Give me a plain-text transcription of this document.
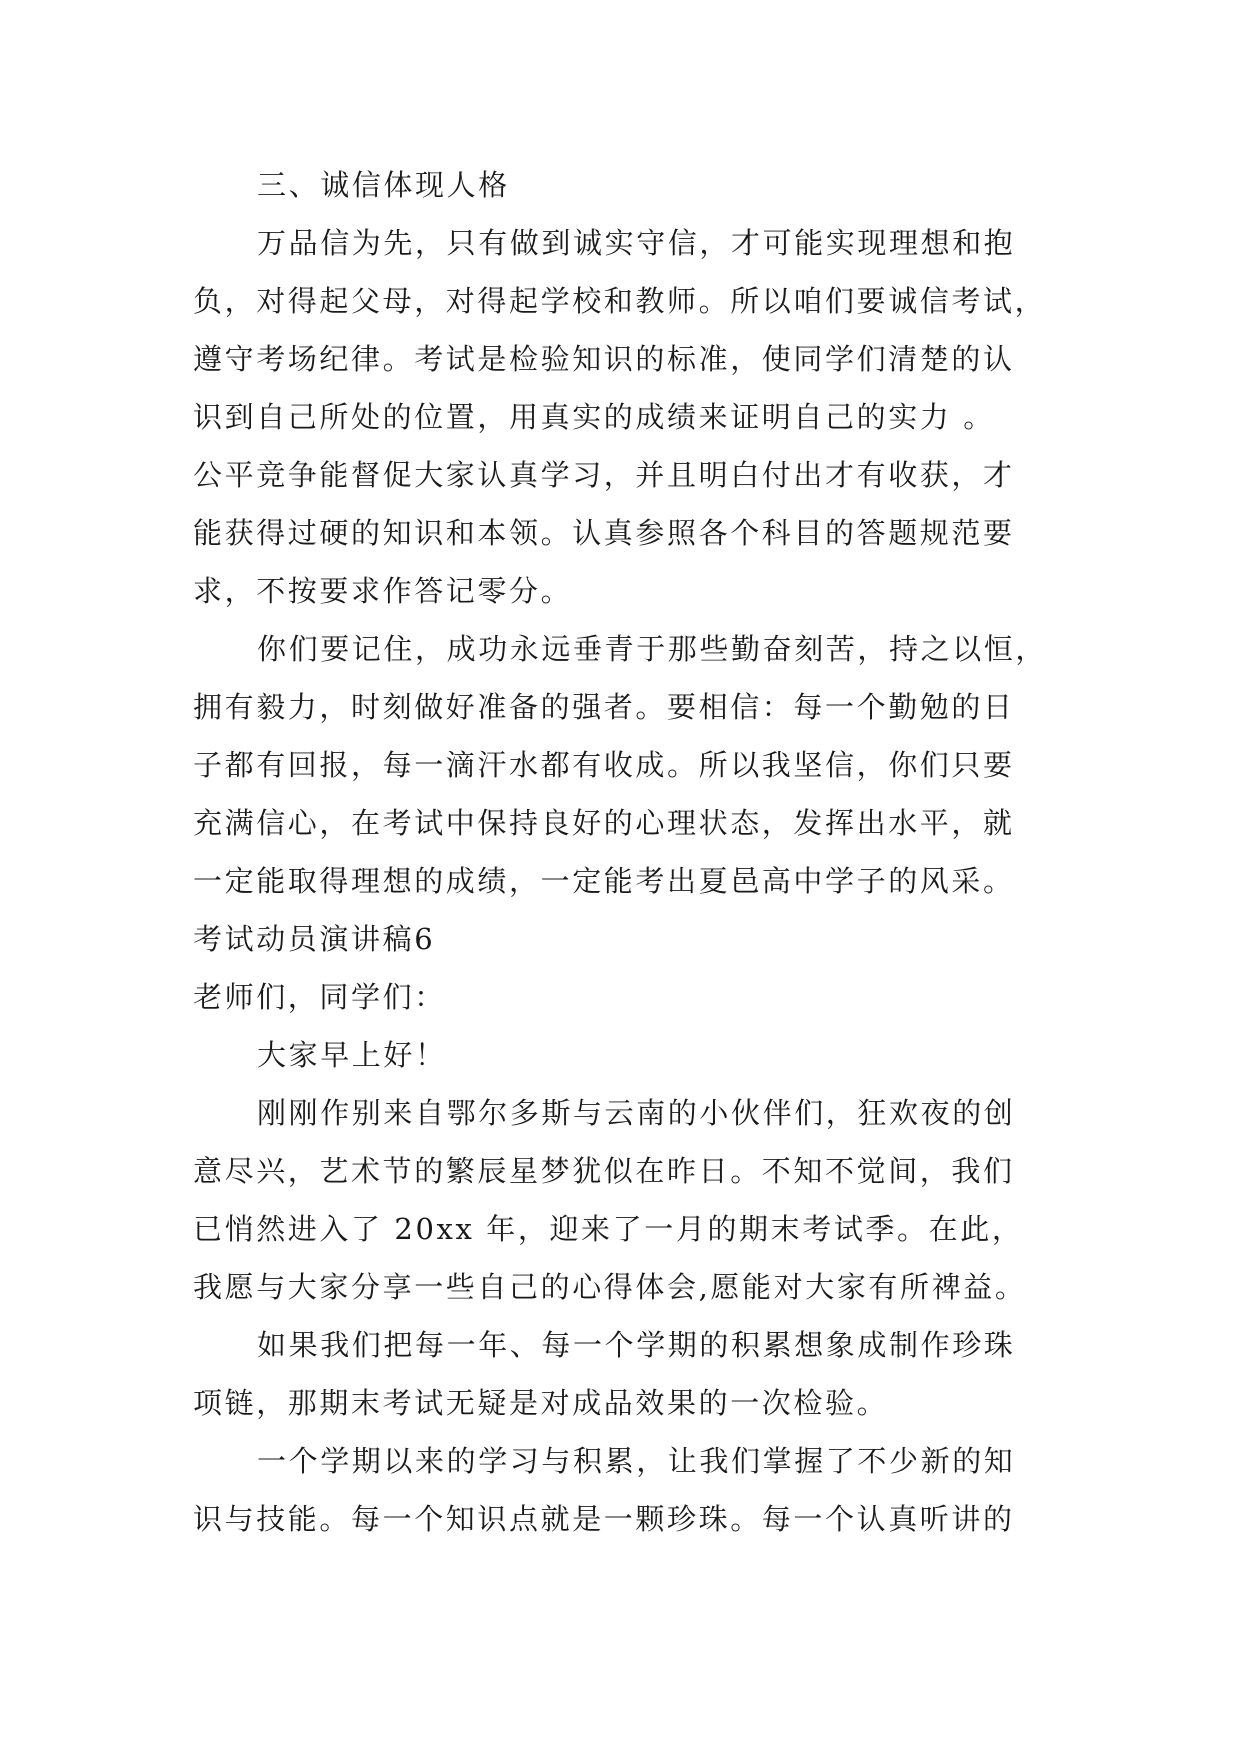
三、诚信体现人格
万品信为先，只有做到诚实守信，才可能实现理想和抱
负，对得起父母，对得起学校和教师。所以咱们要诚信考试，
遵守考场纪律。考试是检验知识的标准，使同学们清楚的认
识到自己所处的位置，用真实的成绩来证明自己的实力 。
公平竞争能督促大家认真学习，并且明白付出才有收获，才
能获得过硬的知识和本领。认真参照各个科目的答题规范要
求，不按要求作答记零分。
你们要记住，成功永远垂青于那些勤奋刻苦，持之以恒，
拥有毅力，时刻做好准备的强者。要相信：每一个勤勉的日
子都有回报，每一滴汗水都有收成。所以我坚信，你们只要
充满信心，在考试中保持良好的心理状态，发挥出水平，就
一定能取得理想的成绩，一定能考出夏邑高中学子的风采。
考试动员演讲稿6
老师们，同学们：
大家早上好！
刚刚作别来自鄂尔多斯与云南的小伙伴们，狂欢夜的创
意尽兴，艺术节的繁辰星梦犹似在昨日。不知不觉间，我们
已悄然进入了 20xx 年，迎来了一月的期末考试季。在此，
我愿与大家分享一些自己的心得体会,愿能对大家有所禆益。
如果我们把每一年、每一个学期的积累想象成制作珍珠
项链，那期末考试无疑是对成品效果的一次检验。
一个学期以来的学习与积累，让我们掌握了不少新的知
识与技能。每一个知识点就是一颗珍珠。每一个认真听讲的
